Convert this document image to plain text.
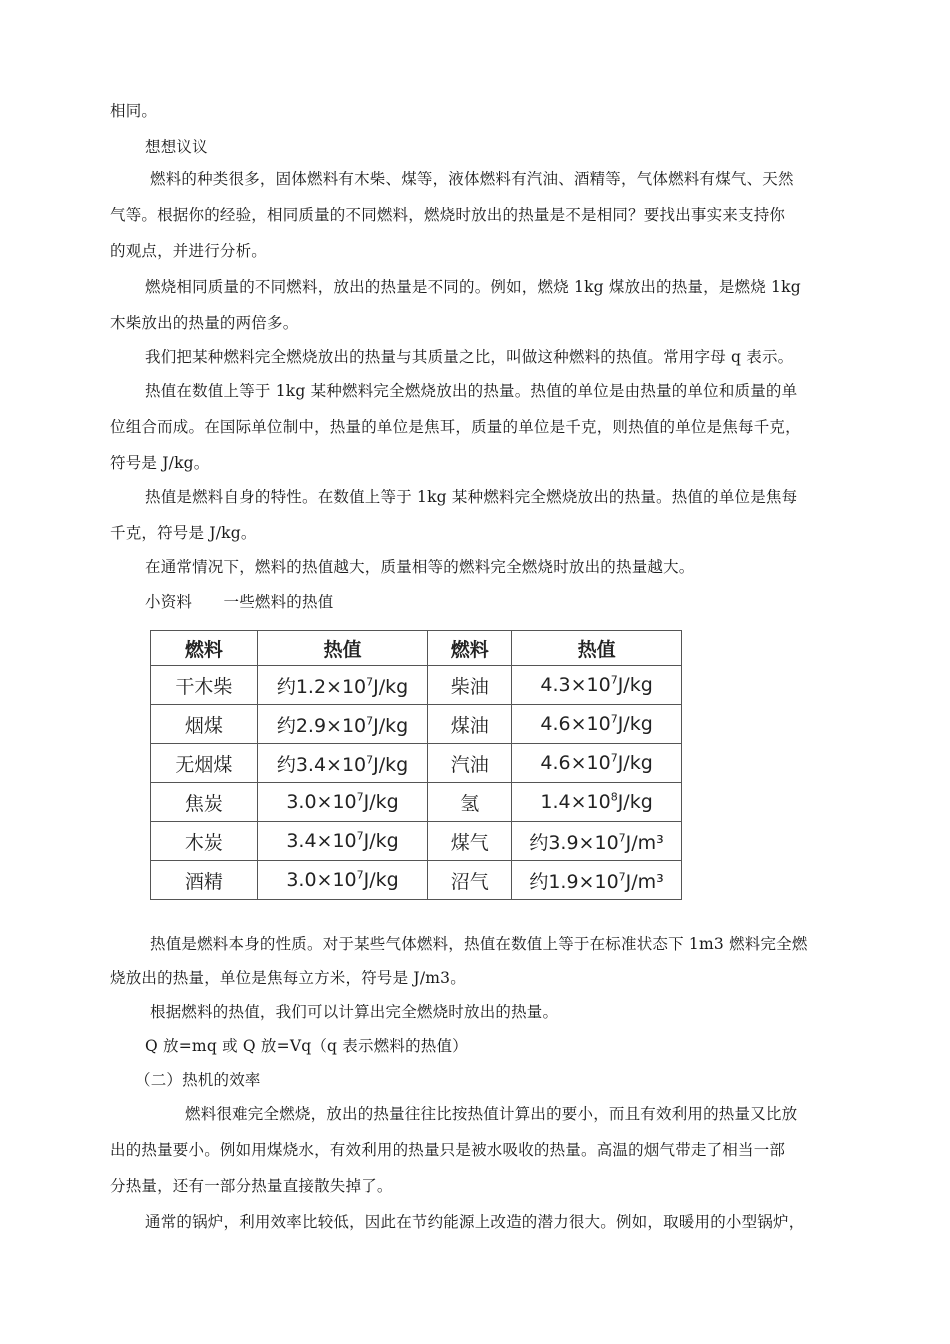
相同。
想想议议
燃料的种类很多，固体燃料有木柴、煤等，液体燃料有汽油、酒精等，气体燃料有煤气、天然
气等。根据你的经验，相同质量的不同燃料，燃烧时放出的热量是不是相同？要找出事实来支持你
的观点，并进行分析。
燃烧相同质量的不同燃料，放出的热量是不同的。例如，燃烧 1kg 煤放出的热量，是燃烧 1kg
木柴放出的热量的两倍多。
我们把某种燃料完全燃烧放出的热量与其质量之比，叫做这种燃料的热值。常用字母 q 表示。
热值在数值上等于 1kg 某种燃料完全燃烧放出的热量。热值的单位是由热量的单位和质量的单
位组合而成。在国际单位制中，热量的单位是焦耳，质量的单位是千克，则热值的单位是焦每千克，
符号是 J/kg。
热值是燃料自身的特性。在数值上等于 1kg 某种燃料完全燃烧放出的热量。热值的单位是焦每
千克，符号是 J/kg。
在通常情况下，燃料的热值越大，质量相等的燃料完全燃烧时放出的热量越大。
小资料　　一些燃料的热值
燃料	热值	燃料	热值
干木柴	约$1.2\times 10^7J/kg$	柴油	$4.3\times 10^7J/kg$
烟煤	约$2.9\times 10^7J/kg$	煤油	$4.6\times 10^7J/kg$
无烟煤	约$3.4\times 10^7J/kg$	汽油	$4.6\times 10^7J/kg$
焦炭	$3.0\times 10^7J/kg$	氢	$1.4\times 10^8J/kg$
木炭	$3.4\times 10^7J/kg$	煤气	约$3.9\times 10^7J/m^3$
酒精	$3.0\times 10^7J/kg$	沼气	约$1.9\times 10^7J/m^3$
热值是燃料本身的性质。对于某些气体燃料，热值在数值上等于在标准状态下 1m3 燃料完全燃
烧放出的热量，单位是焦每立方米，符号是 J/m3。
根据燃料的热值，我们可以计算出完全燃烧时放出的热量。
Q 放=mq 或 Q 放=Vq（q 表示燃料的热值）
（二）热机的效率
燃料很难完全燃烧，放出的热量往往比按热值计算出的要小，而且有效利用的热量又比放
出的热量要小。例如用煤烧水，有效利用的热量只是被水吸收的热量。高温的烟气带走了相当一部
分热量，还有一部分热量直接散失掉了。
通常的锅炉，利用效率比较低，因此在节约能源上改造的潜力很大。例如，取暖用的小型锅炉，
